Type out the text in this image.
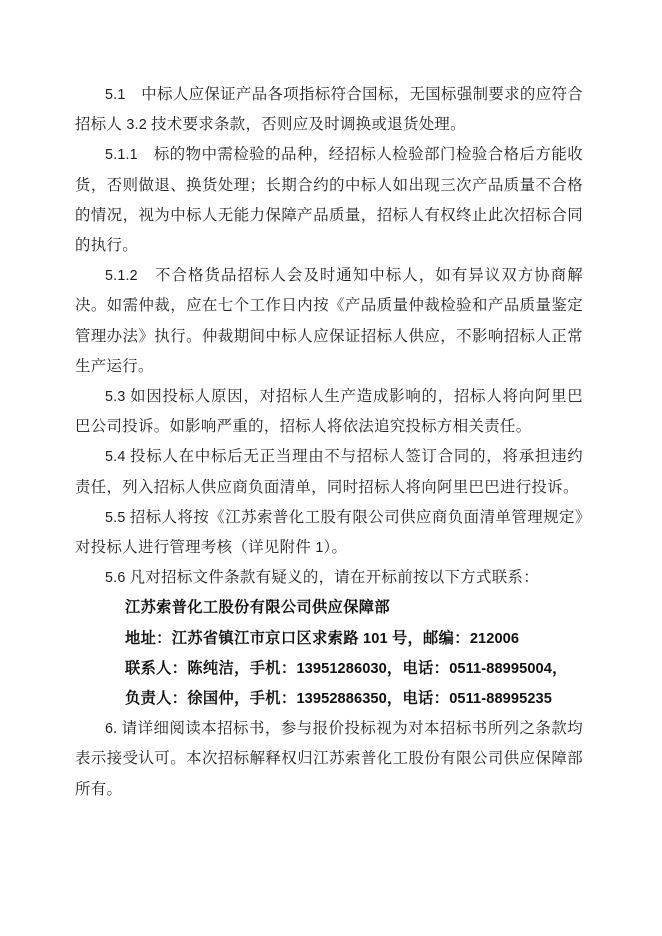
5.1　中标人应保证产品各项指标符合国标，无国标强制要求的应符合招标人 3.2 技术要求条款，否则应及时调换或退货处理。

5.1.1　标的物中需检验的品种，经招标人检验部门检验合格后方能收货，否则做退、换货处理；长期合约的中标人如出现三次产品质量不合格的情况，视为中标人无能力保障产品质量，招标人有权终止此次招标合同的执行。

5.1.2　不合格货品招标人会及时通知中标人，如有异议双方协商解决。如需仲裁，应在七个工作日内按《产品质量仲裁检验和产品质量鉴定管理办法》执行。仲裁期间中标人应保证招标人供应，不影响招标人正常生产运行。

5.3 如因投标人原因，对招标人生产造成影响的，招标人将向阿里巴巴公司投诉。如影响严重的，招标人将依法追究投标方相关责任。

5.4 投标人在中标后无正当理由不与招标人签订合同的，将承担违约责任，列入招标人供应商负面清单，同时招标人将向阿里巴巴进行投诉。

5.5 招标人将按《江苏索普化工股有限公司供应商负面清单管理规定》对投标人进行管理考核（详见附件 1）。

5.6 凡对招标文件条款有疑义的，请在开标前按以下方式联系：

江苏索普化工股份有限公司供应保障部

地址：江苏省镇江市京口区求索路 101 号，邮编：212006

联系人：陈纯洁，手机：13951286030，电话：0511-88995004，

负责人：徐国仲，手机：13952886350，电话：0511-88995235

6. 请详细阅读本招标书，参与报价投标视为对本招标书所列之条款均表示接受认可。本次招标解释权归江苏索普化工股份有限公司供应保障部所有。
